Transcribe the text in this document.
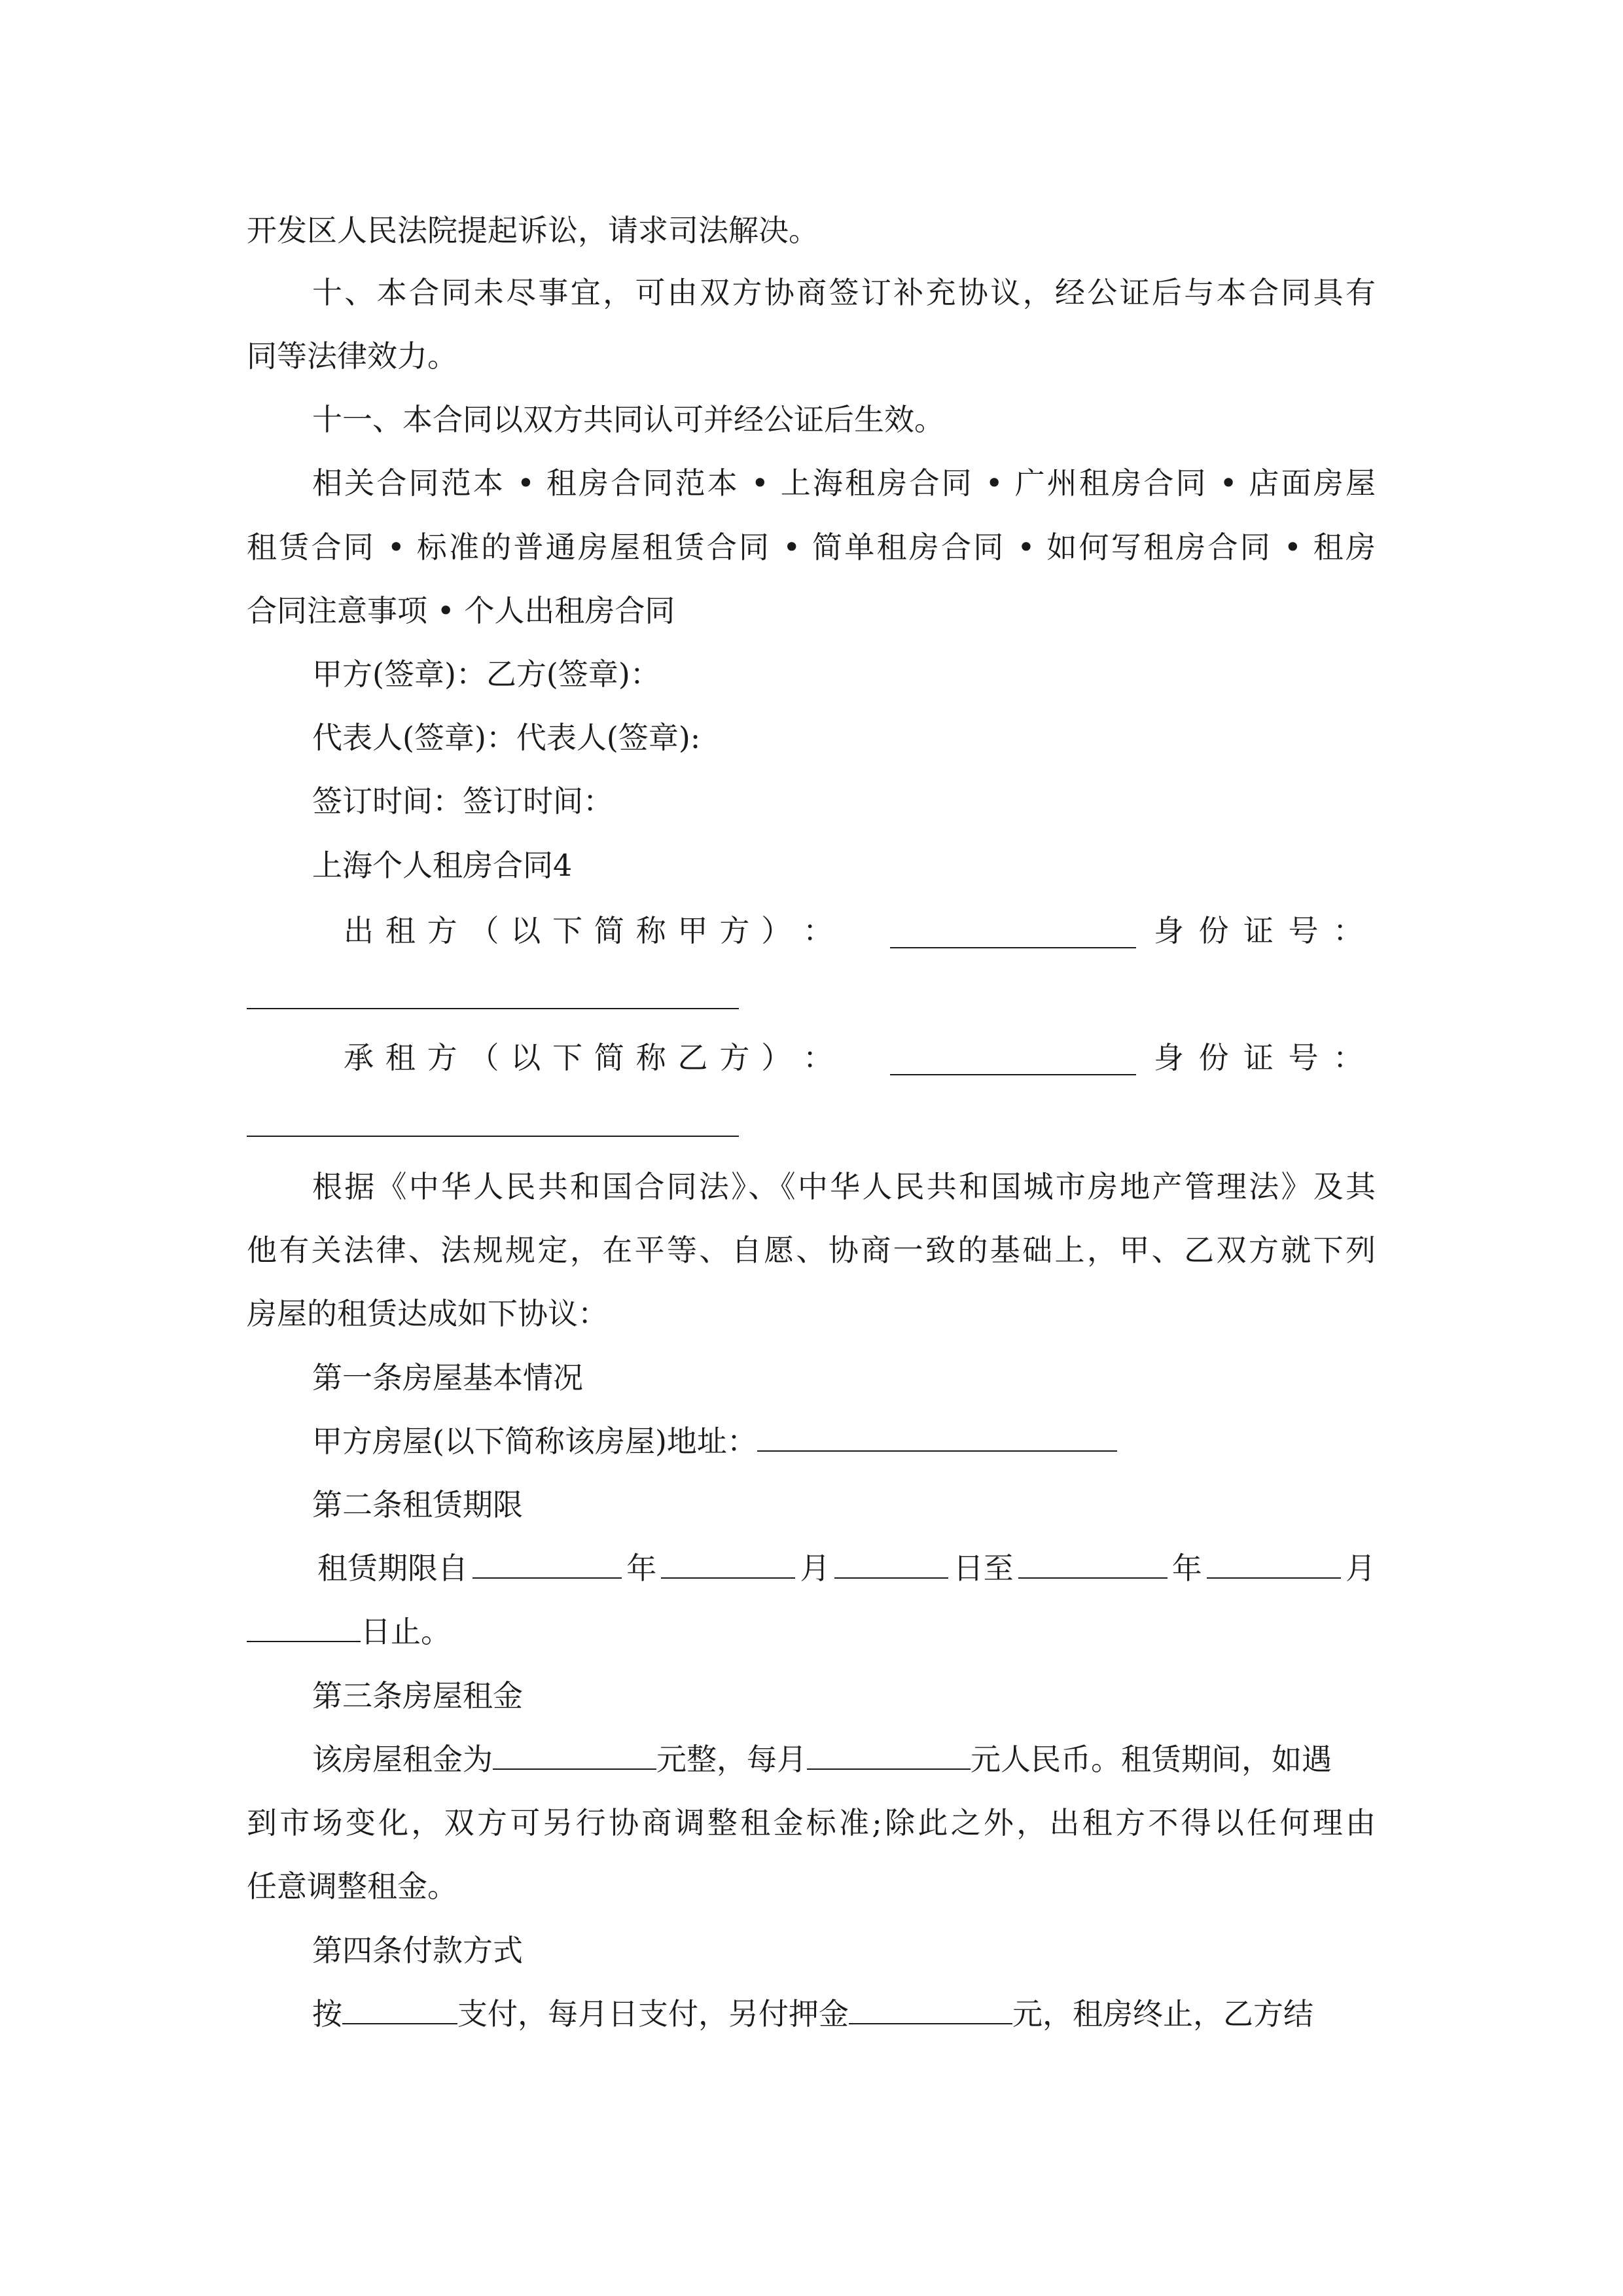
开发区人民法院提起诉讼，请求司法解决。
十、本合同未尽事宜，可由双方协商签订补充协议，经公证后与本合同具有
同等法律效力。
十一、本合同以双方共同认可并经公证后生效。
相关合同范本 • 租房合同范本 • 上海租房合同 • 广州租房合同 • 店面房屋
租赁合同 • 标准的普通房屋租赁合同 • 简单租房合同 • 如何写租房合同 • 租房
合同注意事项 • 个人出租房合同
甲方(签章)：乙方(签章)：
代表人(签章)：代表人(签章):
签订时间：签订时间：
上海个人租房合同4
出 租 方 （ 以 下 简 称 甲 方 ） ：	身 份 证 号 ：
承 租 方 （ 以 下 简 称 乙 方 ） ：	身 份 证 号 ：
根据《中华人民共和国合同法》、《中华人民共和国城市房地产管理法》及其
他有关法律、法规规定，在平等、自愿、协商一致的基础上，甲、乙双方就下列
房屋的租赁达成如下协议：
第一条房屋基本情况
甲方房屋(以下简称该房屋)地址：
第二条租赁期限
租赁期限自	年	月	日至	年	月
日止。
第三条房屋租金
该房屋租金为	元整，每月	元人民币。租赁期间，如遇
到市场变化，双方可另行协商调整租金标准;除此之外，出租方不得以任何理由
任意调整租金。
第四条付款方式
按	支付，每月日支付，另付押金	元，租房终止，乙方结
